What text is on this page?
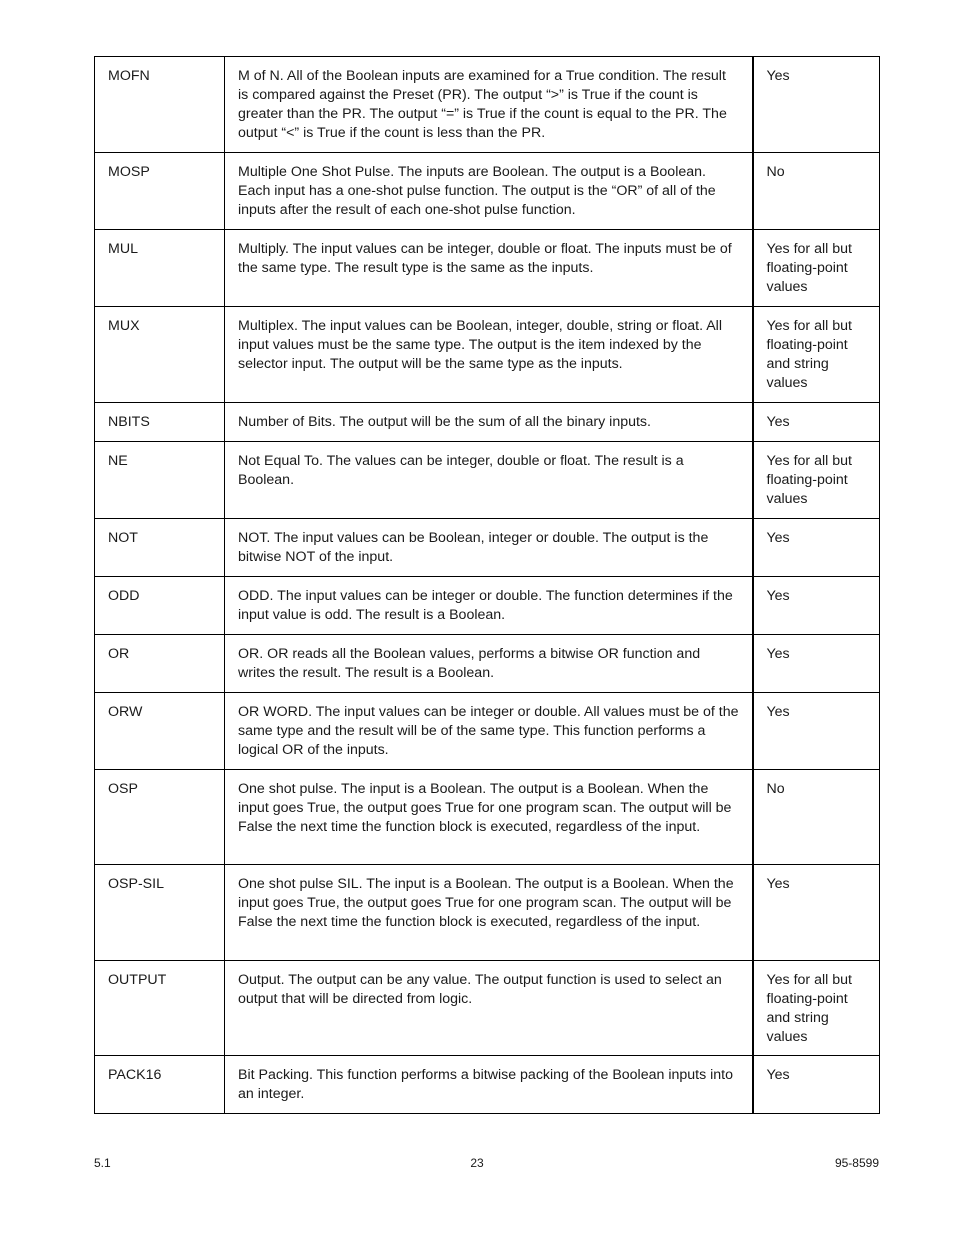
MOFN	M of N. All of the Boolean inputs are examined for a True condition. The result is compared against the Preset (PR). The output “>” is True if the count is greater than the PR. The output “=” is True if the count is equal to the PR. The output “<” is True if the count is less than the PR.	Yes
MOSP	Multiple One Shot Pulse. The inputs are Boolean. The output is a Boolean. Each input has a one-shot pulse function. The output is the “OR” of all of the inputs after the result of each one-shot pulse function.	No
MUL	Multiply. The input values can be integer, double or float. The inputs must be of the same type. The result type is the same as the inputs.	Yes for all but floating-point values
MUX	Multiplex. The input values can be Boolean, integer, double, string or float. All input values must be the same type. The output is the item indexed by the selector input. The output will be the same type as the inputs.	Yes for all but floating-point and string values
NBITS	Number of Bits. The output will be the sum of all the binary inputs.	Yes
NE	Not Equal To. The values can be integer, double or float. The result is a Boolean.	Yes for all but floating-point values
NOT	NOT. The input values can be Boolean, integer or double. The output is the bitwise NOT of the input.	Yes
ODD	ODD. The input values can be integer or double. The function determines if the input value is odd. The result is a Boolean.	Yes
OR	OR. OR reads all the Boolean values, performs a bitwise OR function and writes the result. The result is a Boolean.	Yes
ORW	OR WORD. The input values can be integer or double. All values must be of the same type and the result will be of the same type. This function performs a logical OR of the inputs.	Yes
OSP	One shot pulse. The input is a Boolean. The output is a Boolean. When the input goes True, the output goes True for one program scan. The output will be False the next time the function block is executed, regardless of the input.	No
OSP-SIL	One shot pulse SIL. The input is a Boolean. The output is a Boolean. When the input goes True, the output goes True for one program scan. The output will be False the next time the function block is executed, regardless of the input.	Yes
OUTPUT	Output. The output can be any value. The output function is used to select an output that will be directed from logic.	Yes for all but floating-point and string values
PACK16	Bit Packing. This function performs a bitwise packing of the Boolean inputs into an integer.	Yes
5.1	23	95-8599
